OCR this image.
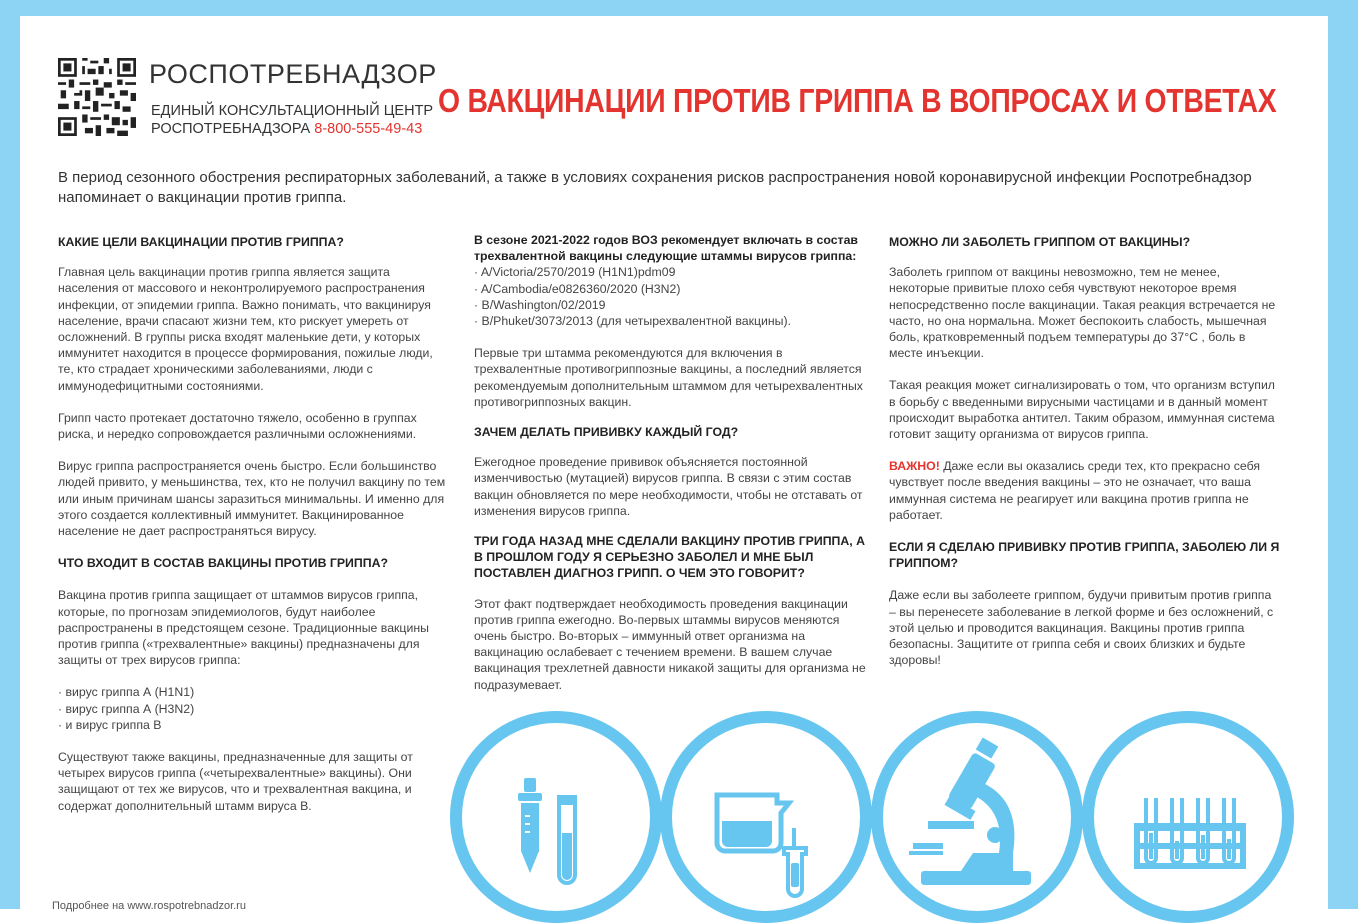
РОСПОТРЕБНАДЗОР
ЕДИНЫЙ КОНСУЛЬТАЦИОННЫЙ ЦЕНТР
РОСПОТРЕБНАДЗОРА 8-800-555-49-43
О ВАКЦИНАЦИИ ПРОТИВ ГРИППА В ВОПРОСАХ И ОТВЕТАХ
В период сезонного обострения респираторных заболеваний, а также в условиях сохранения рисков распространения новой коронавирусной инфекции Роспотребнадзор напоминает о вакцинации против гриппа.

КАКИЕ ЦЕЛИ ВАКЦИНАЦИИ ПРОТИВ ГРИППА?

Главная цель вакцинации против гриппа является защита населения от массового и неконтролируемого распространения инфекции, от эпидемии гриппа. Важно понимать, что вакцинируя население, врачи спасают жизни тем, кто рискует умереть от осложнений. В группы риска входят маленькие дети, у которых иммунитет находится в процессе формирования, пожилые люди, те, кто страдает хроническими заболеваниями, люди с иммунодефицитными состояниями.

Грипп часто протекает достаточно тяжело, особенно в группах риска, и нередко сопровождается различными осложнениями.

Вирус гриппа распространяется очень быстро. Если большинство людей привито, у меньшинства, тех, кто не получил вакцину по тем или иным причинам шансы заразиться минимальны. И именно для этого создается коллективный иммунитет. Вакцинированное население не дает распространяться вирусу.

ЧТО ВХОДИТ В СОСТАВ ВАКЦИНЫ ПРОТИВ ГРИППА?

Вакцина против гриппа защищает от штаммов вирусов гриппа, которые, по прогнозам эпидемиологов, будут наиболее распространены в предстоящем сезоне. Традиционные вакцины против гриппа («трехвалентные» вакцины) предназначены для защиты от трех вирусов гриппа:

· вирус гриппа А (H1N1)

· вирус гриппа А (H3N2)

· и вирус гриппа В

Существуют также вакцины, предназначенные для защиты от четырех вирусов гриппа («четырехвалентные» вакцины). Они защищают от тех же вирусов, что и трехвалентная вакцина, и содержат дополнительный штамм вируса В.

В сезоне 2021-2022 годов ВОЗ рекомендует включать в состав трехвалентной вакцины следующие штаммы вирусов гриппа:

· A/Victoria/2570/2019 (H1N1)pdm09

· A/Cambodia/e0826360/2020 (H3N2)

· B/Washington/02/2019

· B/Phuket/3073/2013 (для четырехвалентной вакцины).

Первые три штамма рекомендуются для включения в трехвалентные противогриппозные вакцины, а последний является рекомендуемым дополнительным штаммом для четырехвалентных противогриппозных вакцин.

ЗАЧЕМ ДЕЛАТЬ ПРИВИВКУ КАЖДЫЙ ГОД?

Ежегодное проведение прививок объясняется постоянной изменчивостью (мутацией) вирусов гриппа. В связи с этим состав вакцин обновляется по мере необходимости, чтобы не отставать от изменения вирусов гриппа.

ТРИ ГОДА НАЗАД МНЕ СДЕЛАЛИ ВАКЦИНУ ПРОТИВ ГРИППА, А В ПРОШЛОМ ГОДУ Я СЕРЬЕЗНО ЗАБОЛЕЛ И МНЕ БЫЛ ПОСТАВЛЕН ДИАГНОЗ ГРИПП. О ЧЕМ ЭТО ГОВОРИТ?

Этот факт подтверждает необходимость проведения вакцинации против гриппа ежегодно. Во-первых штаммы вирусов меняются очень быстро. Во-вторых – иммунный ответ организма на вакцинацию ослабевает с течением времени. В вашем случае вакцинация трехлетней давности никакой защиты для организма не подразумевает.

МОЖНО ЛИ ЗАБОЛЕТЬ ГРИППОМ ОТ ВАКЦИНЫ?

Заболеть гриппом от вакцины невозможно, тем не менее, некоторые привитые плохо себя чувствуют некоторое время непосредственно после вакцинации. Такая реакция встречается не часто, но она нормальна. Может беспокоить слабость, мышечная боль, кратковременный подъем температуры до 37°С , боль в месте инъекции.

Такая реакция может сигнализировать о том, что организм вступил в борьбу с введенными вирусными частицами и в данный момент происходит выработка антител. Таким образом, иммунная система готовит защиту организма от вирусов гриппа.

ВАЖНО! Даже если вы оказались среди тех, кто прекрасно себя чувствует после введения вакцины – это не означает, что ваша иммунная система не реагирует или вакцина против гриппа не работает.

ЕСЛИ Я СДЕЛАЮ ПРИВИВКУ ПРОТИВ ГРИППА, ЗАБОЛЕЮ ЛИ Я ГРИППОМ?

Даже если вы заболеете гриппом, будучи привитым против гриппа – вы перенесете заболевание в легкой форме и без осложнений, с этой целью и проводится вакцинация. Вакцины против гриппа безопасны. Защитите от гриппа себя и своих близких и будьте здоровы!

Подробнее на www.rospotrebnadzor.ru
